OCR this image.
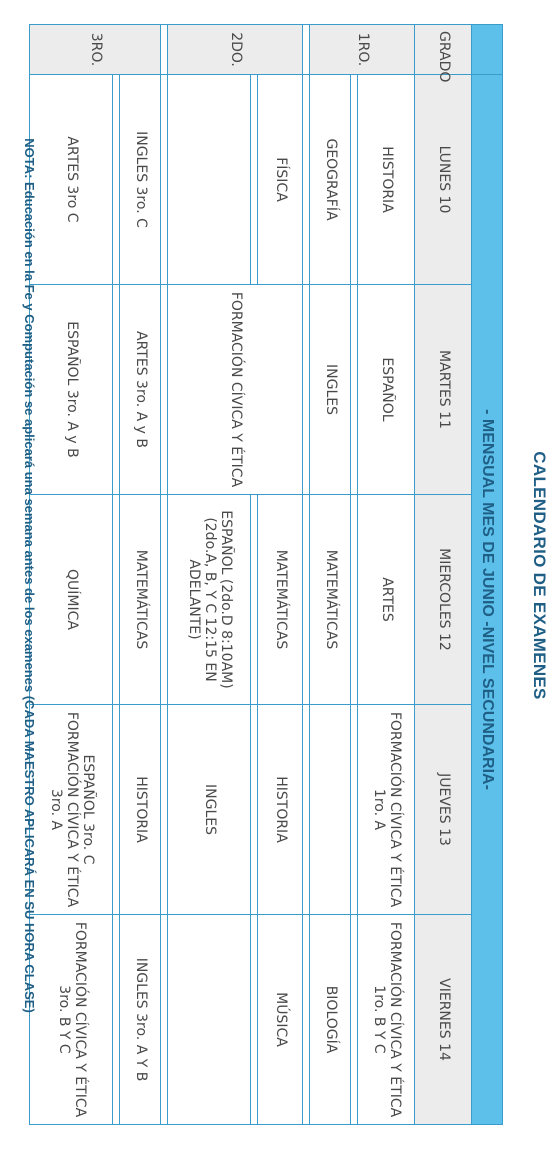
CALENDARIO DE EXAMENES
	- MENSUAL MES DE JUNIO -NIVEL SECUNDARIA-				
GRADO	LUNES 10	MARTES 11	MIERCOLES 12	JUEVES 13	VIERNES 14
1RO.	HISTORIA	ESPAÑOL	ARTES	FORMACIÓN CÍVICA Y ÉTICA 1ro. A	FORMACIÓN CÍVICA Y ÉTICA 1ro. B Y C

	GEOGRAFÍA	INGLES	MATEMÁTICAS		BIOLOGÍA

2DO.	FÍSICA	FORMACIÓN CÍVICA Y ÉTICA	MATEMÁTICAS	HISTORIA	MÚSICA

			ESPAÑOL (2do.D 8:10AM) (2do.A, B, Y C 12:15 EN ADELANTE)	INGLES	

3RO.	INGLES 3ro. C	ARTES 3ro. A y B	MATEMÁTICAS	HISTORIA	INGLES 3ro. A Y B

	ARTES 3ro C	ESPAÑOL 3ro. A y B	QUÍMICA	ESPAÑOL 3ro. C FORMACIÓN CÍVICA Y ÉTICA 3ro. A	FORMACIÓN CÍVICA Y ÉTICA 3ro. B Y C
NOTA: Educación en la Fe y Computación se aplicará una semana antes de los examenes (CADA MAESTRO APLICARÁ EN SU HORA CLASE)
